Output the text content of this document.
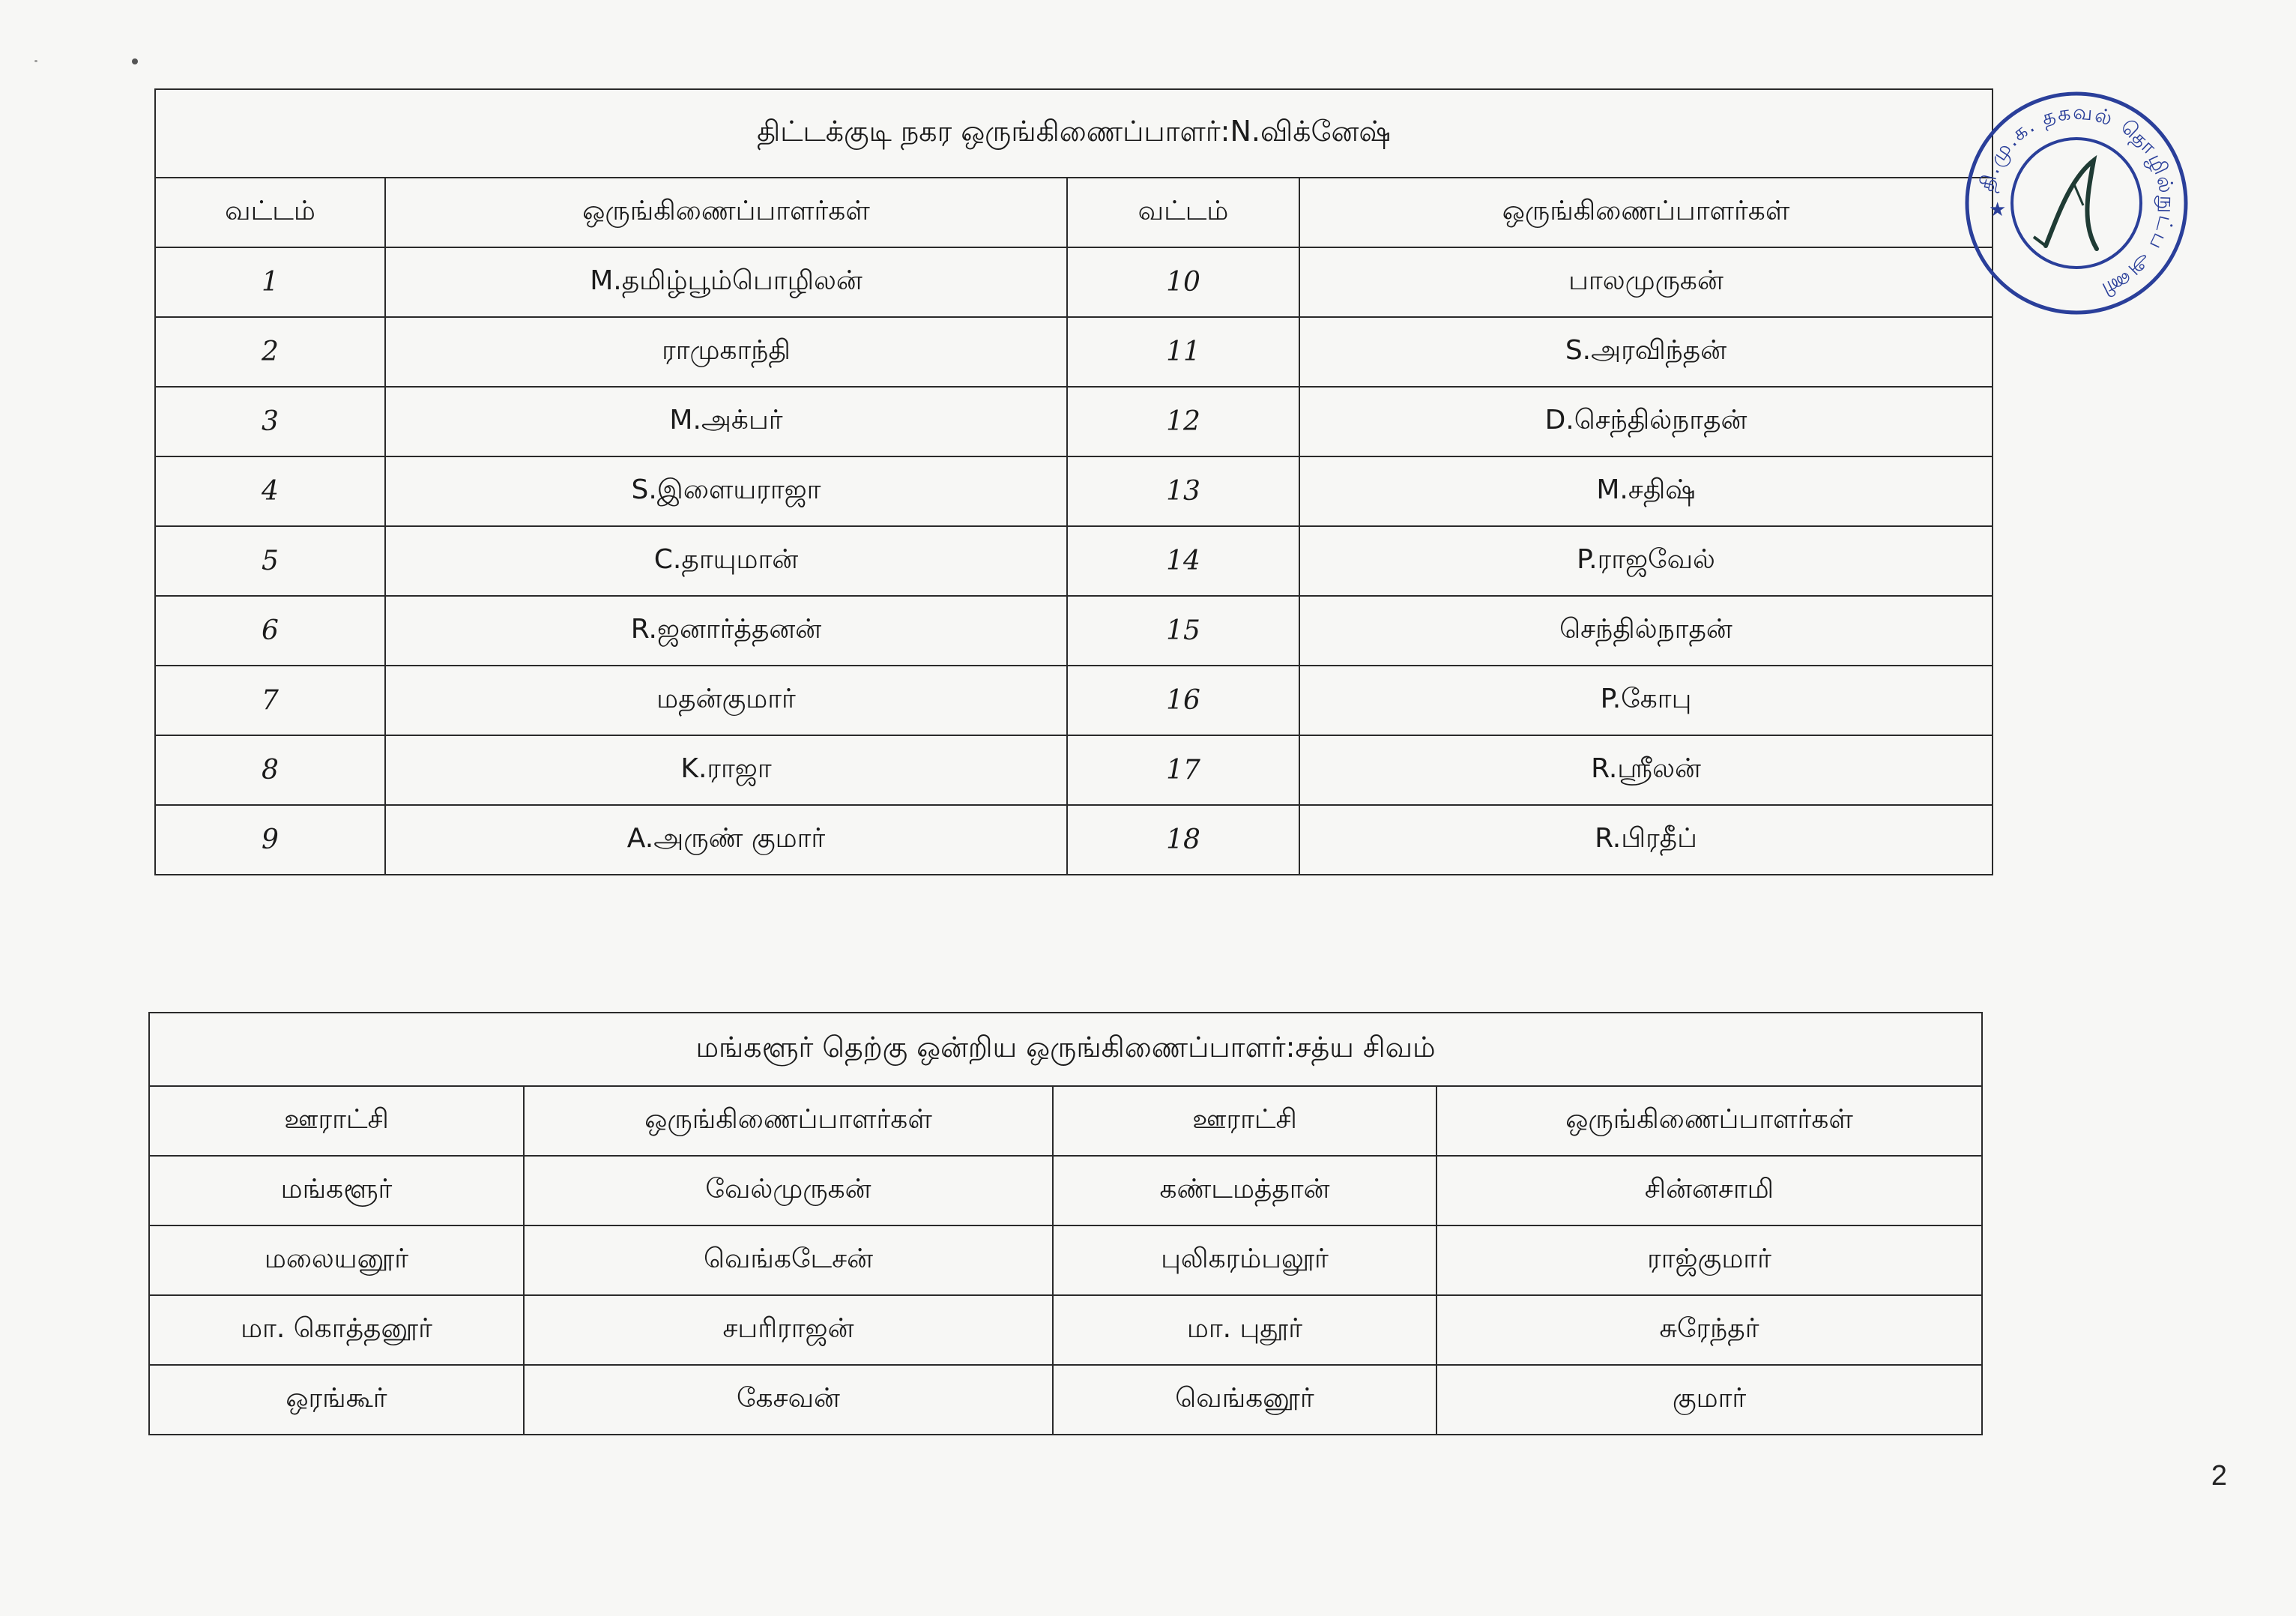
திட்டக்குடி நகர ஒருங்கிணைப்பாளர்:N.விக்னேஷ்			
வட்டம்	ஒருங்கிணைப்பாளர்கள்	வட்டம்	ஒருங்கிணைப்பாளர்கள்
1	M.தமிழ்பூம்பொழிலன்	10	பாலமுருகன்
2	ராமுகாந்தி	11	S.அரவிந்தன்
3	M.அக்பர்	12	D.செந்தில்நாதன்
4	S.இளையராஜா	13	M.சதிஷ்
5	C.தாயுமான்	14	P.ராஜவேல்
6	R.ஜனார்த்தனன்	15	செந்தில்நாதன்
7	மதன்குமார்	16	P.கோபு
8	K.ராஜா	17	R.ஸ்ரீலன்
9	A.அருண் குமார்	18	R.பிரதீப்
தி.மு.க. தகவல் தொழில்நுட்ப அணி
★
மங்களூர் தெற்கு ஒன்றிய ஒருங்கிணைப்பாளர்:சத்ய சிவம்			
ஊராட்சி	ஒருங்கிணைப்பாளர்கள்	ஊராட்சி	ஒருங்கிணைப்பாளர்கள்
மங்களூர்	வேல்முருகன்	கண்டமத்தான்	சின்னசாமி
மலையனூர்	வெங்கடேசன்	புலிகரம்பலூர்	ராஜ்குமார்
மா. கொத்தனூர்	சபரிராஜன்	மா. புதூர்	சுரேந்தர்
ஒரங்கூர்	கேசவன்	வெங்கனூர்	குமார்
2
